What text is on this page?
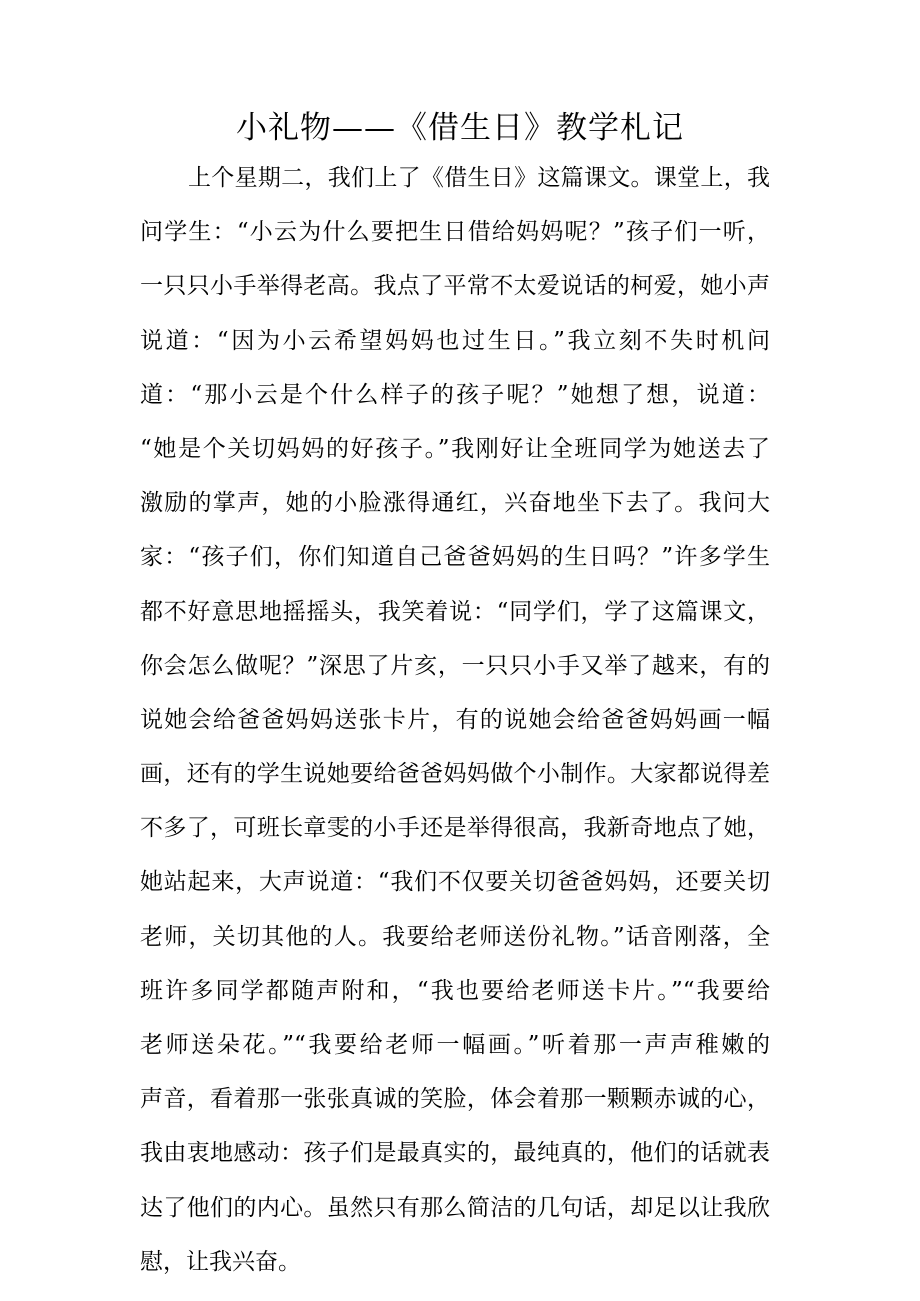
小礼物——《借生日》教学札记
上个星期二，我们上了《借生日》这篇课文。课堂上，我
问学生：“小云为什么要把生日借给妈妈呢？”孩子们一听，
一只只小手举得老高。我点了平常不太爱说话的柯爱，她小声
说道：“因为小云希望妈妈也过生日。”我立刻不失时机问
道：“那小云是个什么样子的孩子呢？”她想了想，说道：
“她是个关切妈妈的好孩子。”我刚好让全班同学为她送去了
激励的掌声，她的小脸涨得通红，兴奋地坐下去了。我问大
家：“孩子们，你们知道自己爸爸妈妈的生日吗？”许多学生
都不好意思地摇摇头，我笑着说：“同学们，学了这篇课文，
你会怎么做呢？”深思了片亥，一只只小手又举了越来，有的
说她会给爸爸妈妈送张卡片，有的说她会给爸爸妈妈画一幅
画，还有的学生说她要给爸爸妈妈做个小制作。大家都说得差
不多了，可班长章雯的小手还是举得很高，我新奇地点了她，
她站起来，大声说道：“我们不仅要关切爸爸妈妈，还要关切
老师，关切其他的人。我要给老师送份礼物。”话音刚落，全
班许多同学都随声附和，“我也要给老师送卡片。”“我要给
老师送朵花。”“我要给老师一幅画。”听着那一声声稚嫩的
声音，看着那一张张真诚的笑脸，体会着那一颗颗赤诚的心，
我由衷地感动：孩子们是最真实的，最纯真的，他们的话就表
达了他们的内心。虽然只有那么简洁的几句话，却足以让我欣
慰，让我兴奋。
